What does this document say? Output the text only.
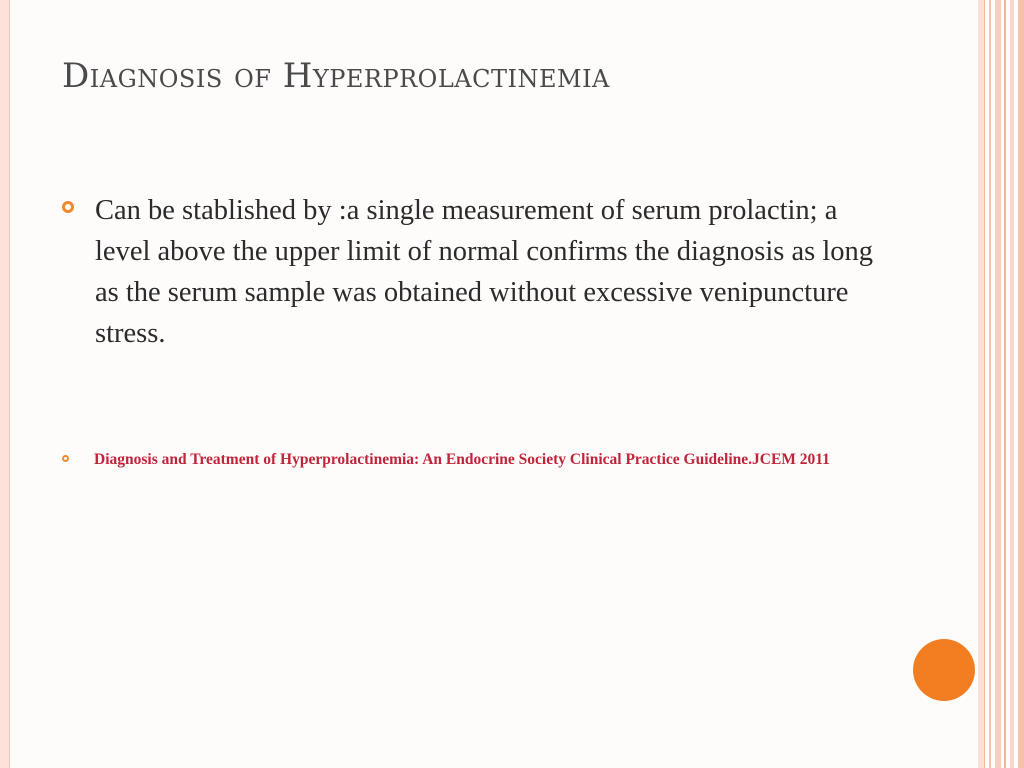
Diagnosis of Hyperprolactinemia
Can be stablished by :a single measurement of serum prolactin; a level above the upper limit of normal confirms the diagnosis as long as the serum sample was obtained without excessive venipuncture stress.
Diagnosis and Treatment of Hyperprolactinemia: An Endocrine Society Clinical Practice Guideline.JCEM 2011
